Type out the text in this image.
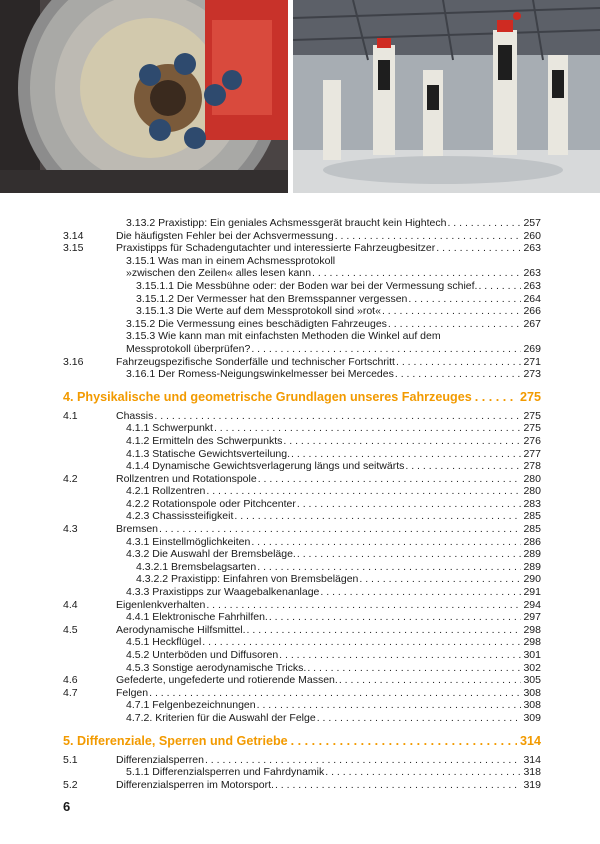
3.13.2 Praxistipp: Ein geniales Achsmessgerät braucht kein Hightech . . .	257
3.14	Die häufigsten Fehler bei der Achsvermessung . . .	260
3.15	Praxistipps für Schadengutachter und interessierte Fahrzeugbesitzer . . .	263
3.15.1 Was man in einem Achsmessprotokoll
»zwischen den Zeilen« alles lesen kann . . .	263
3.15.1.1 Die Messbühne oder: der Boden war bei der Vermessung schief. . . .	263
3.15.1.2 Der Vermesser hat den Bremsspanner vergessen . . .	264
3.15.1.3 Die Werte auf dem Messprotokoll sind »rot« . . .	266
3.15.2 Die Vermessung eines beschädigten Fahrzeuges . . .	267
3.15.3 Wie kann man mit einfachsten Methoden die Winkel auf dem
Messprotokoll überprüfen? . . .	269
3.16	Fahrzeugspezifische Sonderfälle und technischer Fortschritt . . .	271
3.16.1 Der Romess-Neigungswinkelmesser bei Mercedes . . .	273
4. Physikalische und geometrische Grundlagen unseres Fahrzeuges . . .	275
4.1	Chassis . . .	275
4.1.1 Schwerpunkt . . .	275
4.1.2 Ermitteln des Schwerpunkts . . .	276
4.1.3 Statische Gewichtsverteilung. . . .	277
4.1.4 Dynamische Gewichtsverlagerung längs und seitwärts . . .	278
4.2	Rollzentren und Rotationspole . . .	280
4.2.1 Rollzentren . . .	280
4.2.2 Rotationspole oder Pitchcenter . . .	283
4.2.3 Chassissteifigkeit . . .	285
4.3	Bremsen . . .	285
4.3.1 Einstellmöglichkeiten . . .	286
4.3.2 Die Auswahl der Bremsbeläge. . . .	289
4.3.2.1 Bremsbelagsarten . . .	289
4.3.2.2 Praxistipp: Einfahren von Bremsbelägen . . .	290
4.3.3 Praxistipps zur Waagebalkenanlage . . .	291
4.4	Eigenlenkverhalten . . .	294
4.4.1 Elektronische Fahrhilfen. . . .	297
4.5	Aerodynamische Hilfsmittel. . . .	298
4.5.1 Heckflügel . . .	298
4.5.2 Unterböden und Diffusoren . . .	301
4.5.3 Sonstige aerodynamische Tricks. . . .	302
4.6	Gefederte, ungefederte und rotierende Massen. . . .	305
4.7	Felgen . . .	308
4.7.1 Felgenbezeichnungen . . .	308
4.7.2. Kriterien für die Auswahl der Felge . . .	309
5. Differenziale, Sperren und Getriebe . . .	314
5.1	Differenzialsperren . . .	314
5.1.1 Differenzialsperren und Fahrdynamik . . .	318
5.2	Differenzialsperren im Motorsport. . . .	319
6
